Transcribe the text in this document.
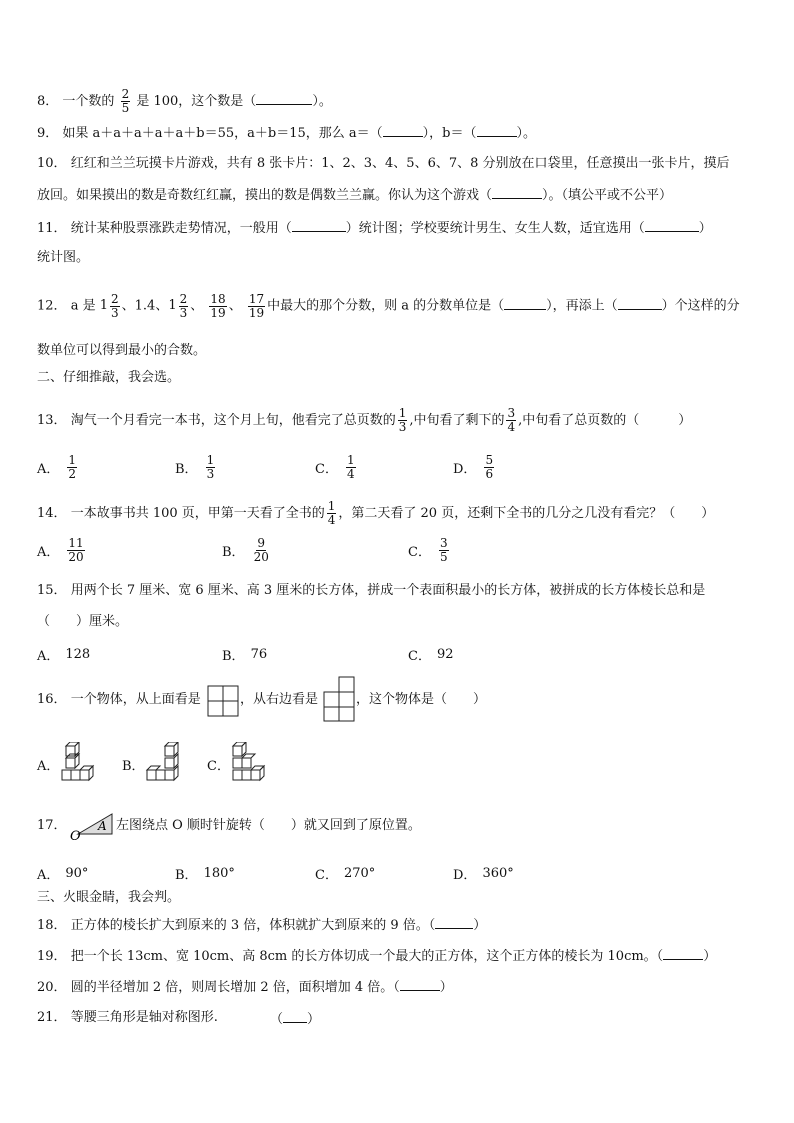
8． 一个数的 $\frac{2}{5}$ 是 100，这个数是（	）。
9． 如果 a＋a＋a＋a＋a＋b＝55，a＋b＝15，那么 a＝（	），b＝（	）。
10． 红红和兰兰玩摸卡片游戏，共有 8 张卡片：1、2、3、4、5、6、7、8 分别放在口袋里，任意摸出一张卡片，摸后
放回。如果摸出的数是奇数红红赢，摸出的数是偶数兰兰赢。你认为这个游戏（	）。（填公平或不公平）
11． 统计某种股票涨跌走势情况，一般用（	）统计图；学校要统计男生、女生人数，适宜选用（	）
统计图。
12． a 是 $1 \frac{2}{3}$ 、1.4、 $1 \frac{2}{3}$ 、 $\frac{18}{19}$ 、 $\frac{17}{19}$ 中最大的那个分数，则 a 的分数单位是（	），再添上（	）个这样的分
数单位可以得到最小的合数。
二、仔细推敲，我会选。
13． 淘气一个月看完一本书，这个月上旬，他看完了总页数的 $\frac{1}{3}$ ,中旬看了剩下的 $\frac{3}{4}$ ,中旬看了总页数的（　　　）
A． $\frac{1}{2}$	B． $\frac{1}{3}$	C． $\frac{1}{4}$	D． $\frac{5}{6}$
14． 一本故事书共 100 页，甲第一天看了全书的 $\frac{1}{4}$ ，第二天看了 20 页，还剩下全书的几分之几没有看完？（　　）
A． $\frac{11}{20}$	B． $\frac{9}{20}$	C． $\frac{3}{5}$
15． 用两个长 7 厘米、宽 6 厘米、高 3 厘米的长方体，拼成一个表面积最小的长方体，被拼成的长方体棱长总和是
（　　）厘米。
A． 128	B． 76	C． 92
16． 一个物体，从上面看是	，从右边看是	，这个物体是（　　）
A．	B．	C．
17．
O
A 左图绕点 O 顺时针旋转（　　）就又回到了原位置。
A． 90°	B． 180°	C． 270°	D． 360°
三、火眼金睛，我会判。
18． 正方体的棱长扩大到原来的 3 倍，体积就扩大到原来的 9 倍。（	）
19． 把一个长 13cm、宽 10cm、高 8cm 的长方体切成一个最大的正方体，这个正方体的棱长为 10cm。（	）
20． 圆的半径增加 2 倍，则周长增加 2 倍，面积增加 4 倍。（	）
21． 等腰三角形是轴对称图形.	（ ）
